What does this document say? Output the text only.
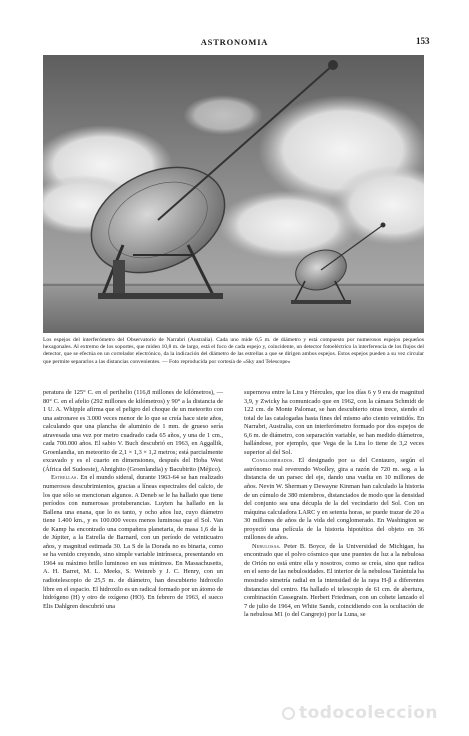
ASTRONOMIA	153
Los espejos del interferómetro del Observatorio de Narrabri (Australia). Cada uno mide 6,5 m. de diámetro y está compuesto por numerosos espejos pequeños hexagonales. Al extremo de los soportes, que miden 10,8 m. de largo, está el foco de cada espejo y, coincidente, un detector fotoeléctrico la interferencia de los flujos del detector, que se efectúa en un correlador electrónico, da la indicación del diámetro de las estrellas a que se dirigen ambos espejos. Estos espejos pueden a su vez circular que permite separarlos a las distancias convenientes. — Foto reproducida por cortesía de «Sky and Telescope»

peratura de 125° C. en el perihelio (116,8 millones de kilómetros), —80° C. en el afelio (292 millones de kilómetros) y 90° a la distancia de 1 U. A. Whipple afirma que el peligro del choque de un meteorito con una astronave es 3.000 veces menor de lo que se creía hace siete años, calculando que una plancha de aluminio de 1 mm. de grueso sería atravesada una vez por metro cuadrado cada 65 años, y una de 1 cm., cada 700.000 años. El sabio V. Buch descubrió en 1963, en Aggallik, Groenlandia, un meteorito de 2,1 × 1,3 × 1,2 metros; está parcialmente excavado y es el cuarto en dimensiones, después del Hoba West (África del Sudoeste), Ahnighito (Groenlandia) y Bacubirito (Méjico).

Estrellas. En el mundo sideral, durante 1963-64 se han realizado numerosos descubrimientos, gracias a líneas espectrales del calcio, de los que sólo se mencionan algunos. A Deneb se le ha hallado que tiene períodos con numerosas protuberancias. Luyten ha hallado en la Ballena una enana, que lo es tanto, y ocho años luz, cuyo diámetro tiene 1.400 km., y es 100.000 veces menos luminosa que el Sol. Van de Kamp ha encontrado una compañera planetaria, de masa 1,6 de la de Júpiter, a la Estrella de Barnard, con un período de veinticuatro años, y magnitud estimada 30. La S de la Dorada no es binaria, como se ha venido creyendo, sino simple variable intrínseca, presentando en 1964 su máximo brillo luminoso en sus mínimos. En Massachusetts, A. H. Barret, M. L. Meeks, S. Weinreb y J. C. Henry, con un radiotelescopio de 25,5 m. de diámetro, han descubierto hidroxilo libre en el espacio. El hidroxilo es un radical formado por un átomo de hidrógeno (H) y otro de oxígeno (HO). En febrero de 1963, el sueco Elis Dahlgren descubrió una

supernova entre la Lira y Hércules, que los días 6 y 9 era de magnitud 3,9, y Zwicky ha comunicado que en 1962, con la cámara Schmidt de 122 cm. de Monte Palomar, se han descubierto otras trece, siendo el total de las catalogadas hasta fines del mismo año ciento veintidós. En Narrabri, Australia, con un interferómetro formado por dos espejos de 6,6 m. de diámetro, con separación variable, se han medido diámetros, hallándose, por ejemplo, que Vega de la Lira lo tiene de 3,2 veces superior al del Sol.

Conglomerados. El designado por ω del Centauro, según el astrónomo real reverendo Woolley, gira a razón de 720 m. seg. a la distancia de un parsec del eje, dando una vuelta en 10 millones de años. Nevin W. Sherman y Dewayne Kinman han calculado la historia de un cúmulo de 380 miembros, distanciados de modo que la densidad del conjunto sea una décupla de la del vecindario del Sol. Con un máquina calculadora LARC y en setenta horas, se puede trazar de 20 a 30 millones de años de la vida del conglomerado. En Washington se proyectó una película de la historia hipotética del objeto en 36 millones de años.

Nebulosas. Peter B. Boyce, de la Universidad de Michigan, ha encontrado que el polvo cósmico que une puentes de luz a la nebulosa de Orión no está entre ella y nosotros, como se creía, sino que radica en el seno de las nebulosidades. El interior de la nebulosa Tarántula ha mostrado simetría radial en la intensidad de la raya H-β a diferentes distancias del centro. Ha hallado el telescopio de 61 cm. de abertura, combinación Cassegrain. Herbert Friedman, con un cohete lanzado el 7 de julio de 1964, en White Sands, coincidiendo con la ocultación de la nebulosa M1 (o del Cangrejo) por la Luna, se

todocoleccion
